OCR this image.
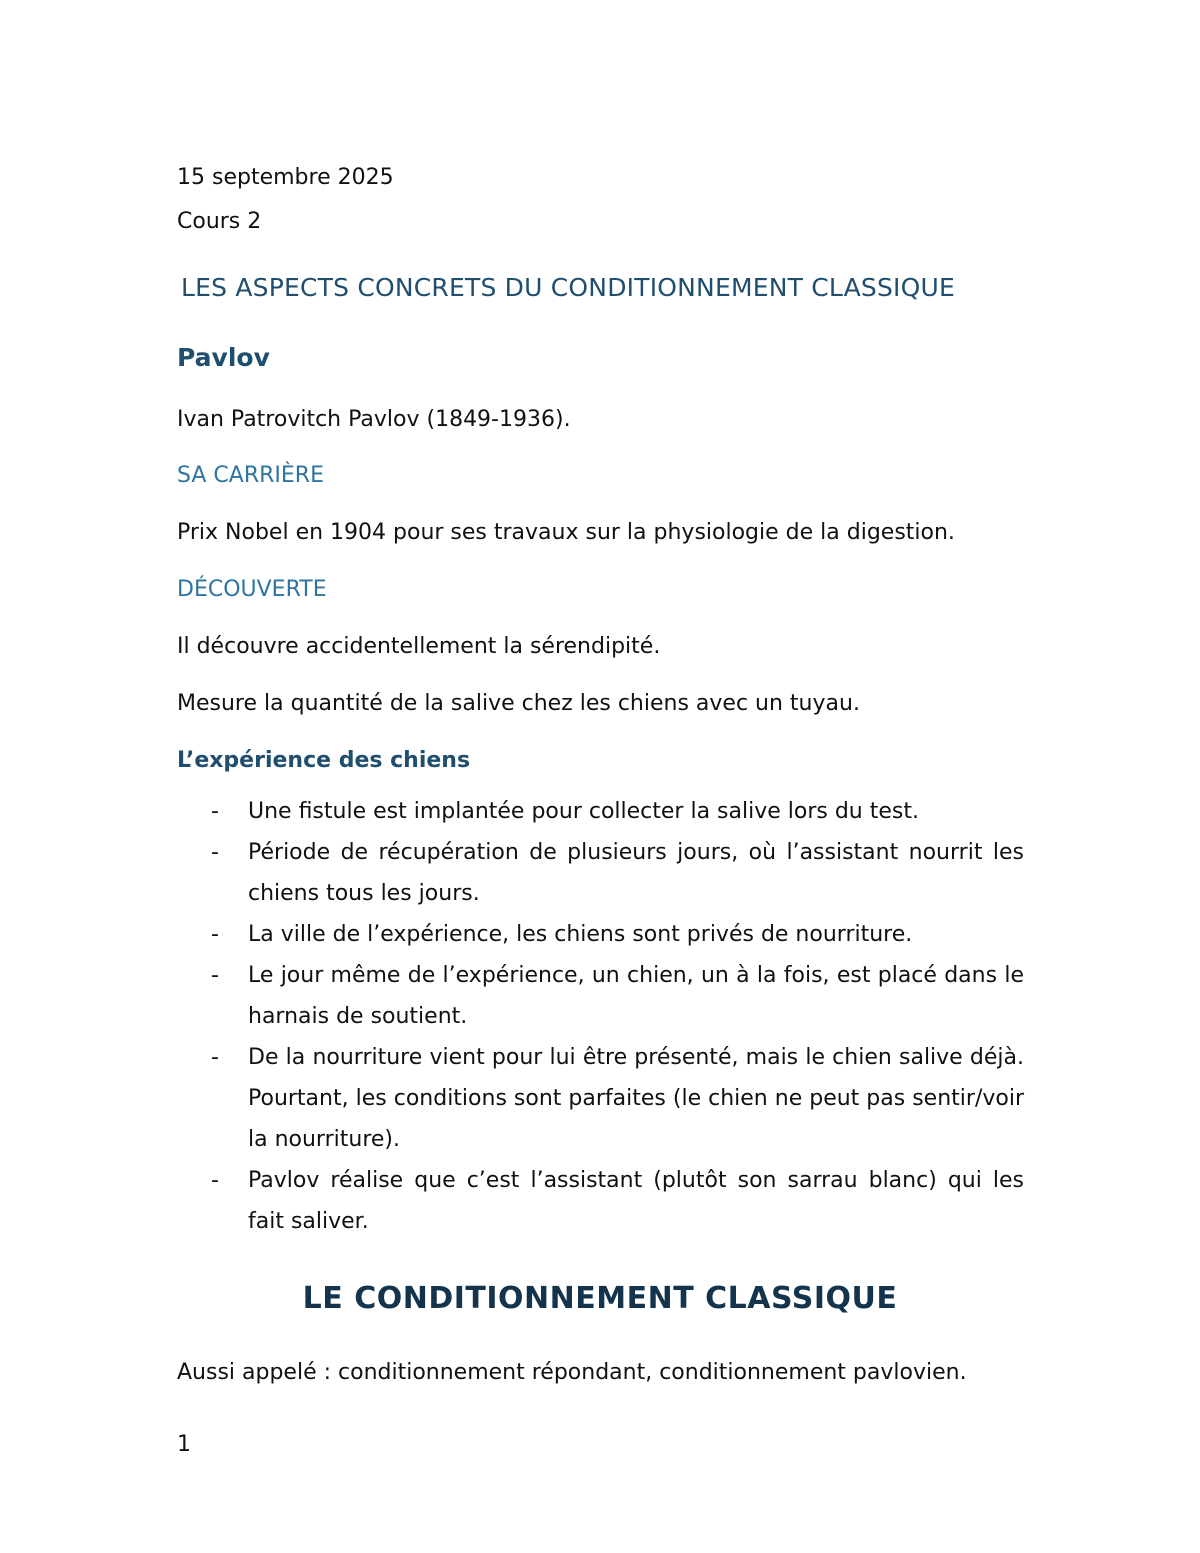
15 septembre 2025
Cours 2
LES ASPECTS CONCRETS DU CONDITIONNEMENT CLASSIQUE
Pavlov
Ivan Patrovitch Pavlov (1849-1936).
SA CARRIÈRE
Prix Nobel en 1904 pour ses travaux sur la physiologie de la digestion.
DÉCOUVERTE
Il découvre accidentellement la sérendipité.
Mesure la quantité de la salive chez les chiens avec un tuyau.
L’expérience des chiens
- Une fistule est implantée pour collecter la salive lors du test.
- Période de récupération de plusieurs jours, où l’assistant nourrit les chiens tous les jours.
- La ville de l’expérience, les chiens sont privés de nourriture.
- Le jour même de l’expérience, un chien, un à la fois, est placé dans le harnais de soutient.
- De la nourriture vient pour lui être présenté, mais le chien salive déjà. Pourtant, les conditions sont parfaites (le chien ne peut pas sentir/voir la nourriture).
- Pavlov réalise que c’est l’assistant (plutôt son sarrau blanc) qui les fait saliver.
LE CONDITIONNEMENT CLASSIQUE
Aussi appelé : conditionnement répondant, conditionnement pavlovien.
1
